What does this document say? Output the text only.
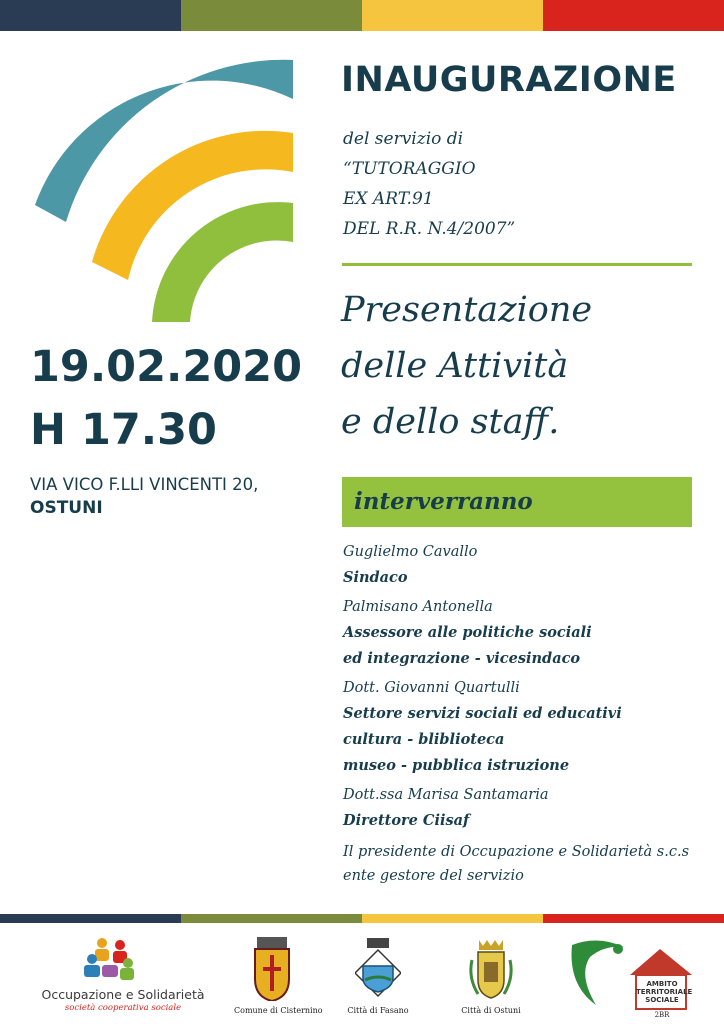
INAUGURAZIONE
del servizio di
“TUTORAGGIO
EX ART.91
DEL R.R. N.4/2007”
Presentazione
delle Attività
e dello staff.
19.02.2020
H 17.30
VIA VICO F.LLI VINCENTI 20,
OSTUNI	interverranno
Guglielmo Cavallo
Sindaco
Palmisano Antonella
Assessore alle politiche sociali
ed integrazione - vicesindaco
Dott. Giovanni Quartulli
Settore servizi sociali ed educativi
cultura - bliblioteca
museo - pubblica istruzione
Dott.ssa Marisa Santamaria
Direttore Ciisaf
Il presidente di Occupazione e Solidarietà s.c.s
ente gestore del servizio
Occupazione e Solidarietà
società cooperativa sociale	Comune di Cisternino	Città di Fasano	Città di Ostuni
AMBITO
TERRITORIALE
SOCIALE
2BR
